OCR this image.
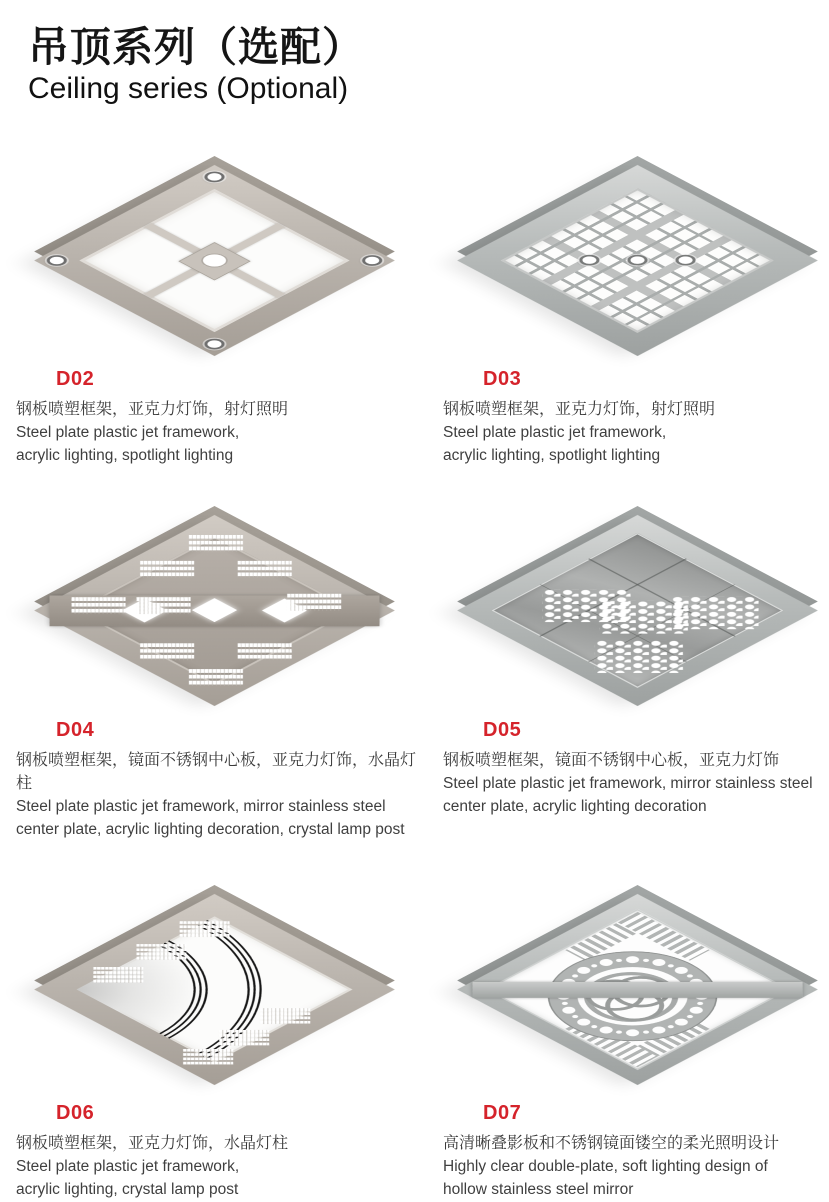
吊顶系列（选配）
Ceiling series (Optional)
D02
钢板喷塑框架，亚克力灯饰，射灯照明
Steel plate plastic jet framework,
acrylic lighting, spotlight lighting
D03
钢板喷塑框架，亚克力灯饰，射灯照明
Steel plate plastic jet framework,
acrylic lighting, spotlight lighting
D04
钢板喷塑框架，镜面不锈钢中心板，亚克力灯饰，水晶灯柱
Steel plate plastic jet framework, mirror stainless steel
center plate, acrylic lighting decoration, crystal lamp post
D05
钢板喷塑框架，镜面不锈钢中心板，亚克力灯饰
Steel plate plastic jet framework, mirror stainless steel
center plate, acrylic lighting decoration
D06
钢板喷塑框架，亚克力灯饰，水晶灯柱
Steel plate plastic jet framework,
acrylic lighting, crystal lamp post
D07
高清晰叠影板和不锈钢镜面镂空的柔光照明设计
Highly clear double-plate, soft lighting design of
hollow stainless steel mirror
